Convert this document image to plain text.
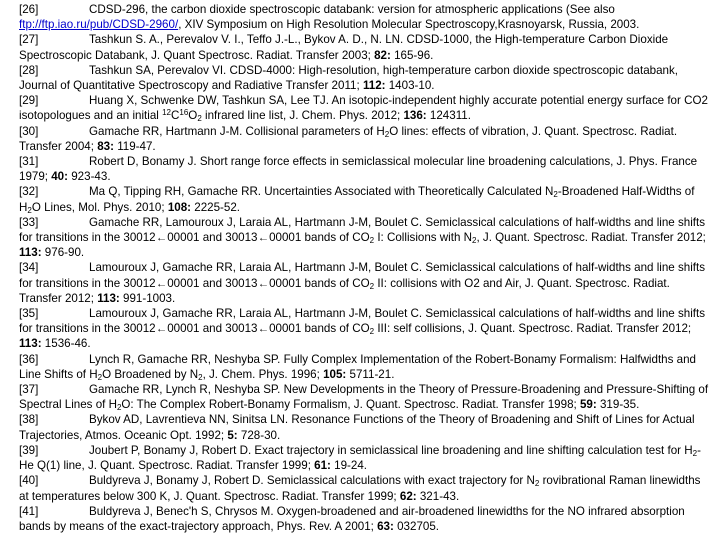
[26]	CDSD-296, the carbon dioxide spectroscopic databank: version for atmospheric applications (See also ftp://ftp.iao.ru/pub/CDSD-2960/, XIV Symposium on High Resolution Molecular Spectroscopy,Krasnoyarsk, Russia, 2003.

[27]	Tashkun S. A., Perevalov V. I., Teffo J.-L., Bykov A. D., N. LN. CDSD-1000, the High-temperature Carbon Dioxide Spectroscopic Databank, J. Quant Spectrosc. Radiat. Transfer 2003; 82: 165-96.

[28]	Tashkun SA, Perevalov VI. CDSD-4000: High-resolution, high-temperature carbon dioxide spectroscopic databank, Journal of Quantitative Spectroscopy and Radiative Transfer 2011; 112: 1403-10.

[29]	Huang X, Schwenke DW, Tashkun SA, Lee TJ. An isotopic-independent highly accurate potential energy surface for CO2 isotopologues and an initial $^{12}C^{16}O_2$ infrared line list, J. Chem. Phys. 2012; 136: 124311.

[30]	Gamache RR, Hartmann J-M. Collisional parameters of $H_2O$ lines: effects of vibration, J. Quant. Spectrosc. Radiat. Transfer 2004; 83: 119-47.

[31]	Robert D, Bonamy J. Short range force effects in semiclassical molecular line broadening calculations, J. Phys. France 1979; 40: 923-43.

[32]	Ma Q, Tipping RH, Gamache RR. Uncertainties Associated with Theoretically Calculated $N_2$-Broadened Half-Widths of $H_2O$ Lines, Mol. Phys. 2010; 108: 2225-52.

[33]	Gamache RR, Lamouroux J, Laraia AL, Hartmann J-M, Boulet C. Semiclassical calculations of half-widths and line shifts for transitions in the 30012←00001 and 30013←00001 bands of $CO_2$ I: Collisions with $N_2$, J. Quant. Spectrosc. Radiat. Transfer 2012; 113: 976-90.

[34]	Lamouroux J, Gamache RR, Laraia AL, Hartmann J-M, Boulet C. Semiclassical calculations of half-widths and line shifts for transitions in the 30012←00001 and 30013←00001 bands of $CO_2$ II: collisions with O2 and Air, J. Quant. Spectrosc. Radiat. Transfer 2012; 113: 991-1003.

[35]	Lamouroux J, Gamache RR, Laraia AL, Hartmann J-M, Boulet C. Semiclassical calculations of half-widths and line shifts for transitions in the 30012←00001 and 30013←00001 bands of $CO_2$ III: self collisions, J. Quant. Spectrosc. Radiat. Transfer 2012; 113: 1536-46.

[36]	Lynch R, Gamache RR, Neshyba SP. Fully Complex Implementation of the Robert-Bonamy Formalism: Halfwidths and Line Shifts of $H_2O$ Broadened by $N_2$, J. Chem. Phys. 1996; 105: 5711-21.

[37]	Gamache RR, Lynch R, Neshyba SP. New Developments in the Theory of Pressure-Broadening and Pressure-Shifting of Spectral Lines of $H_2O$: The Complex Robert-Bonamy Formalism, J. Quant. Spectrosc. Radiat. Transfer 1998; 59: 319-35.

[38]	Bykov AD, Lavrentieva NN, Sinitsa LN. Resonance Functions of the Theory of Broadening and Shift of Lines for Actual Trajectories, Atmos. Oceanic Opt. 1992; 5: 728-30.

[39]	Joubert P, Bonamy J, Robert D. Exact trajectory in semiclassical line broadening and line shifting calculation test for $H_2-He$ Q(1) line, J. Quant. Spectrosc. Radiat. Transfer 1999; 61: 19-24.

[40]	Buldyreva J, Bonamy J, Robert D. Semiclassical calculations with exact trajectory for $N_2$ rovibrational Raman linewidths at temperatures below 300 K, J. Quant. Spectrosc. Radiat. Transfer 1999; 62: 321-43.

[41]	Buldyreva J, Benec'h S, Chrysos M. Oxygen-broadened and air-broadened linewidths for the NO infrared absorption bands by means of the exact-trajectory approach, Phys. Rev. A 2001; 63: 032705.
